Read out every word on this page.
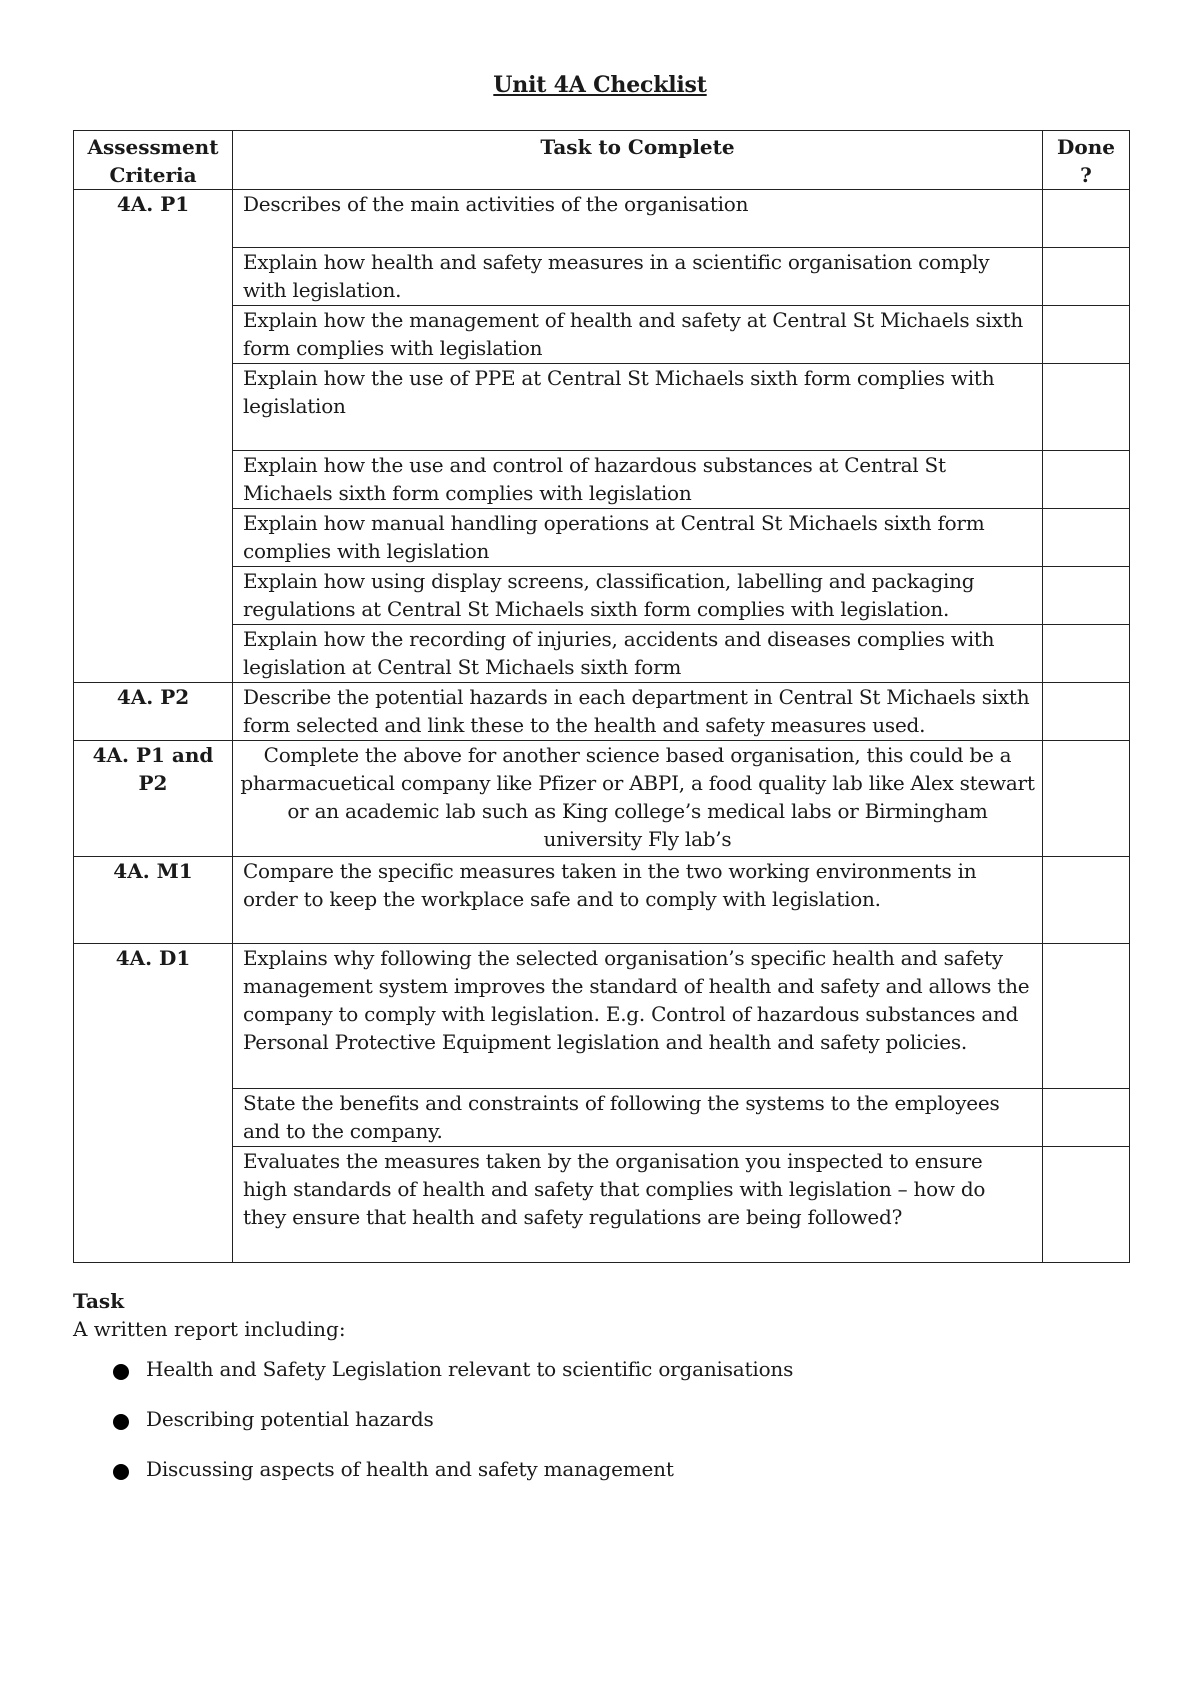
Unit 4A Checklist
Assessment Criteria	Task to Complete	Done ?
4A. P1	Describes of the main activities of the organisation	
	Explain how health and safety measures in a scientific organisation comply with legislation.	
	Explain how the management of health and safety at Central St Michaels sixth form complies with legislation	
	Explain how the use of PPE at Central St Michaels sixth form complies with legislation	
	Explain how the use and control of hazardous substances at Central St Michaels sixth form complies with legislation	
	Explain how manual handling operations at Central St Michaels sixth form complies with legislation	
	Explain how using display screens, classification, labelling and packaging regulations at Central St Michaels sixth form complies with legislation.	
	Explain how the recording of injuries, accidents and diseases complies with legislation at Central St Michaels sixth form	
4A. P2	Describe the potential hazards in each department in Central St Michaels sixth form selected and link these to the health and safety measures used.	
4A. P1 and P2	Complete the above for another science based organisation, this could be a pharmacuetical company like Pfizer or ABPI, a food quality lab like Alex stewart or an academic lab such as King college’s medical labs or Birmingham university Fly lab’s	
4A. M1	Compare the specific measures taken in the two working environments in order to keep the workplace safe and to comply with legislation.	
4A. D1	Explains why following the selected organisation’s specific health and safety management system improves the standard of health and safety and allows the company to comply with legislation. E.g. Control of hazardous substances and Personal Protective Equipment legislation and health and safety policies.	
	State the benefits and constraints of following the systems to the employees and to the company.	
	Evaluates the measures taken by the organisation you inspected to ensure high standards of health and safety that complies with legislation – how do they ensure that health and safety regulations are being followed?	
Task
A written report including:
Health and Safety Legislation relevant to scientific organisations
Describing potential hazards
Discussing aspects of health and safety management
